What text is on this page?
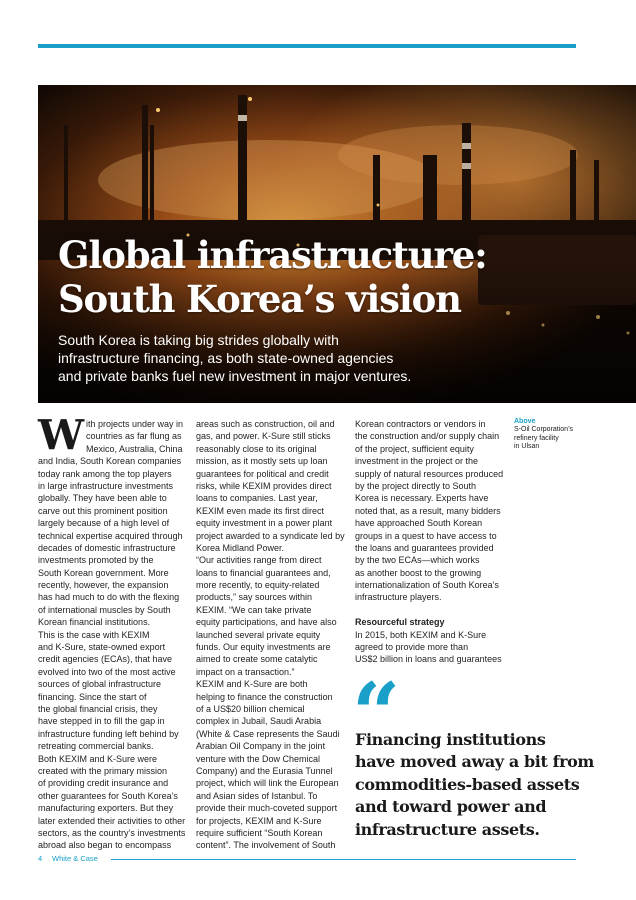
Global infrastructure:
South Korea’s vision

South Korea is taking big strides globally with
infrastructure financing, as both state-owned agencies
and private banks fuel new investment in major ventures.

W ith projects under way in
countries as far flung as
Mexico, Australia, China
and India, South Korean companies
today rank among the top players
in large infrastructure investments
globally. They have been able to
carve out this prominent position
largely because of a high level of
technical expertise acquired through
decades of domestic infrastructure
investments promoted by the
South Korean government. More
recently, however, the expansion
has had much to do with the flexing
of international muscles by South
Korean financial institutions.
This is the case with KEXIM
and K-Sure, state-owned export
credit agencies (ECAs), that have
evolved into two of the most active
sources of global infrastructure
financing. Since the start of
the global financial crisis, they
have stepped in to fill the gap in
infrastructure funding left behind by
retreating commercial banks.
Both KEXIM and K-Sure were
created with the primary mission
of providing credit insurance and
other guarantees for South Korea’s
manufacturing exporters. But they
later extended their activities to other
sectors, as the country’s investments
abroad also began to encompass
areas such as construction, oil and
gas, and power. K-Sure still sticks
reasonably close to its original
mission, as it mostly sets up loan
guarantees for political and credit
risks, while KEXIM provides direct
loans to companies. Last year,
KEXIM even made its first direct
equity investment in a power plant
project awarded to a syndicate led by
Korea Midland Power.
“Our activities range from direct
loans to financial guarantees and,
more recently, to equity-related
products,” say sources within
KEXIM. “We can take private
equity participations, and have also
launched several private equity
funds. Our equity investments are
aimed to create some catalytic
impact on a transaction.”
KEXIM and K-Sure are both
helping to finance the construction
of a US$20 billion chemical
complex in Jubail, Saudi Arabia
(White & Case represents the Saudi
Arabian Oil Company in the joint
venture with the Dow Chemical
Company) and the Eurasia Tunnel
project, which will link the European
and Asian sides of Istanbul. To
provide their much-coveted support
for projects, KEXIM and K-Sure
require sufficient “South Korean
content”. The involvement of South
Korean contractors or vendors in
the construction and/or supply chain
of the project, sufficient equity
investment in the project or the
supply of natural resources produced
by the project directly to South
Korea is necessary. Experts have
noted that, as a result, many bidders
have approached South Korean
groups in a quest to have access to
the loans and guarantees provided
by the two ECAs—which works
as another boost to the growing
internationalization of South Korea’s
infrastructure players.
Resourceful strategy
In 2015, both KEXIM and K-Sure
agreed to provide more than
US$2 billion in loans and guarantees
Above
S-Oil Corporation’s
refinery facility
in Ulsan
“

Financing institutions
have moved away a bit from
commodities-based assets
and toward power and
infrastructure assets.

4 White & Case
